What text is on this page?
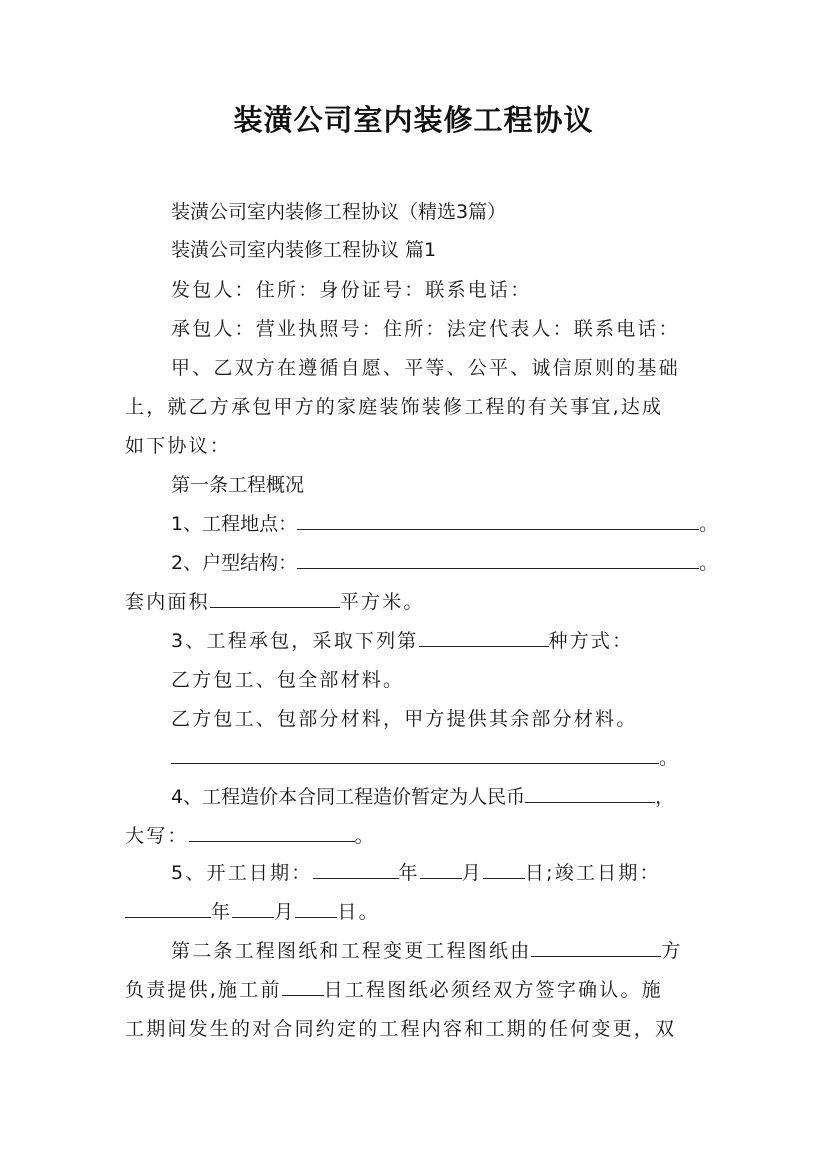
装潢公司室内装修工程协议

装潢公司室内装修工程协议（精选3篇）

装潢公司室内装修工程协议 篇1

发包人：住所：身份证号：联系电话：

承包人：营业执照号：住所：法定代表人：联系电话：

甲、乙双方在遵循自愿、平等、公平、诚信原则的基础

上，就乙方承包甲方的家庭装饰装修工程的有关事宜,达成

如下协议：

第一条工程概况

1、工程地点：	。

2、户型结构：	。

套内面积	平方米。

3、工程承包，采取下列第	种方式：

乙方包工、包全部材料。

乙方包工、包部分材料，甲方提供其余部分材料。

。

4、工程造价本合同工程造价暂定为人民币	，

大写：	。

5、开工日期：	年 月 日;竣工日期：

年 月 日。

第二条工程图纸和工程变更工程图纸由	方

负责提供,施工前 日工程图纸必须经双方签字确认。施

工期间发生的对合同约定的工程内容和工期的任何变更，双
